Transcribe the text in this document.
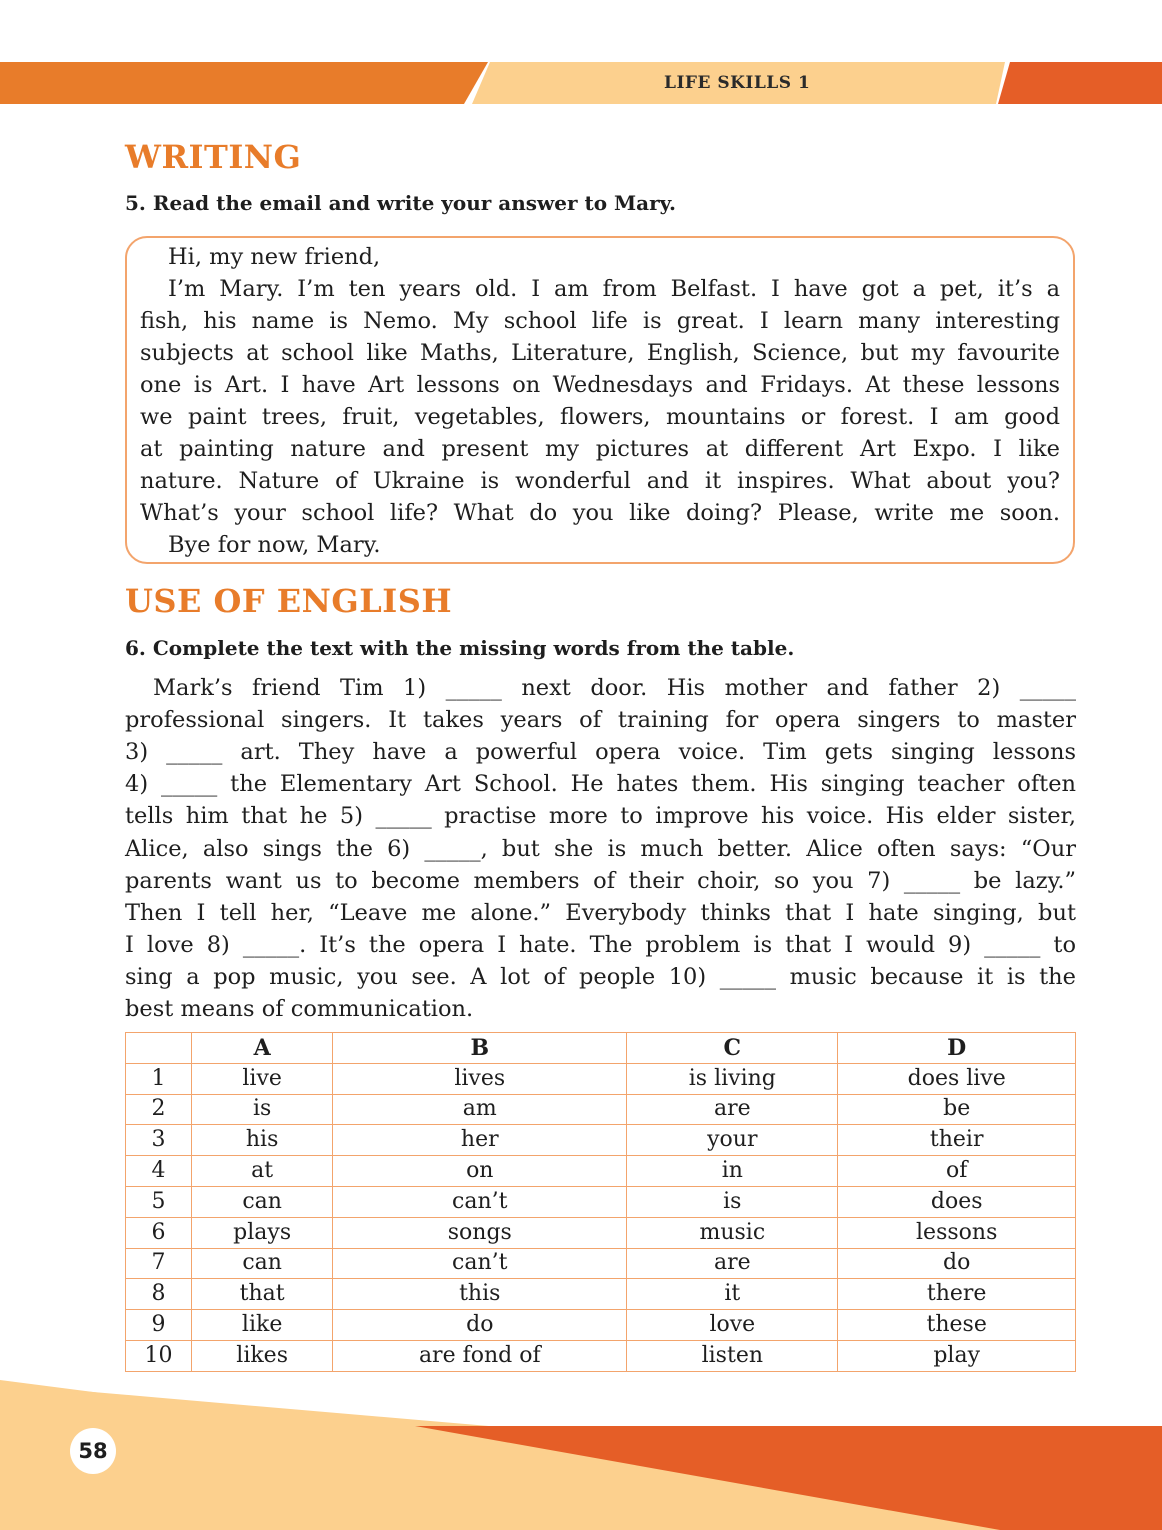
LIFE SKILLS 1
WRITING
5. Read the email and write your answer to Mary.
Hi, my new friend,
I’m Mary. I’m ten years old. I am from Belfast. I have got a pet, it’s a
fish, his name is Nemo. My school life is great. I learn many interesting
subjects at school like Maths, Literature, English, Science, but my favourite
one is Art. I have Art lessons on Wednesdays and Fridays. At these lessons
we paint trees, fruit, vegetables, flowers, mountains or forest. I am good
at painting nature and present my pictures at different Art Expo. I like
nature. Nature of Ukraine is wonderful and it inspires. What about you?
What’s your school life? What do you like doing? Please, write me soon.
Bye for now, Mary.
USE OF ENGLISH
6. Complete the text with the missing words from the table.
Mark’s friend Tim 1) _____ next door. His mother and father 2) _____
professional singers. It takes years of training for opera singers to master
3) _____ art. They have a powerful opera voice. Tim gets singing lessons
4) _____ the Elementary Art School. He hates them. His singing teacher often
tells him that he 5) _____ practise more to improve his voice. His elder sister,
Alice, also sings the 6) _____, but she is much better. Alice often says: “Our
parents want us to become members of their choir, so you 7) _____ be lazy.”
Then I tell her, “Leave me alone.” Everybody thinks that I hate singing, but
I love 8) _____. It’s the opera I hate. The problem is that I would 9) _____ to
sing a pop music, you see. A lot of people 10) _____ music because it is the
best means of communication.
	A	B	C	D
1	live	lives	is living	does live
2	is	am	are	be
3	his	her	your	their
4	at	on	in	of
5	can	can’t	is	does
6	plays	songs	music	lessons
7	can	can’t	are	do
8	that	this	it	there
9	like	do	love	these
10	likes	are fond of	listen	play
58
